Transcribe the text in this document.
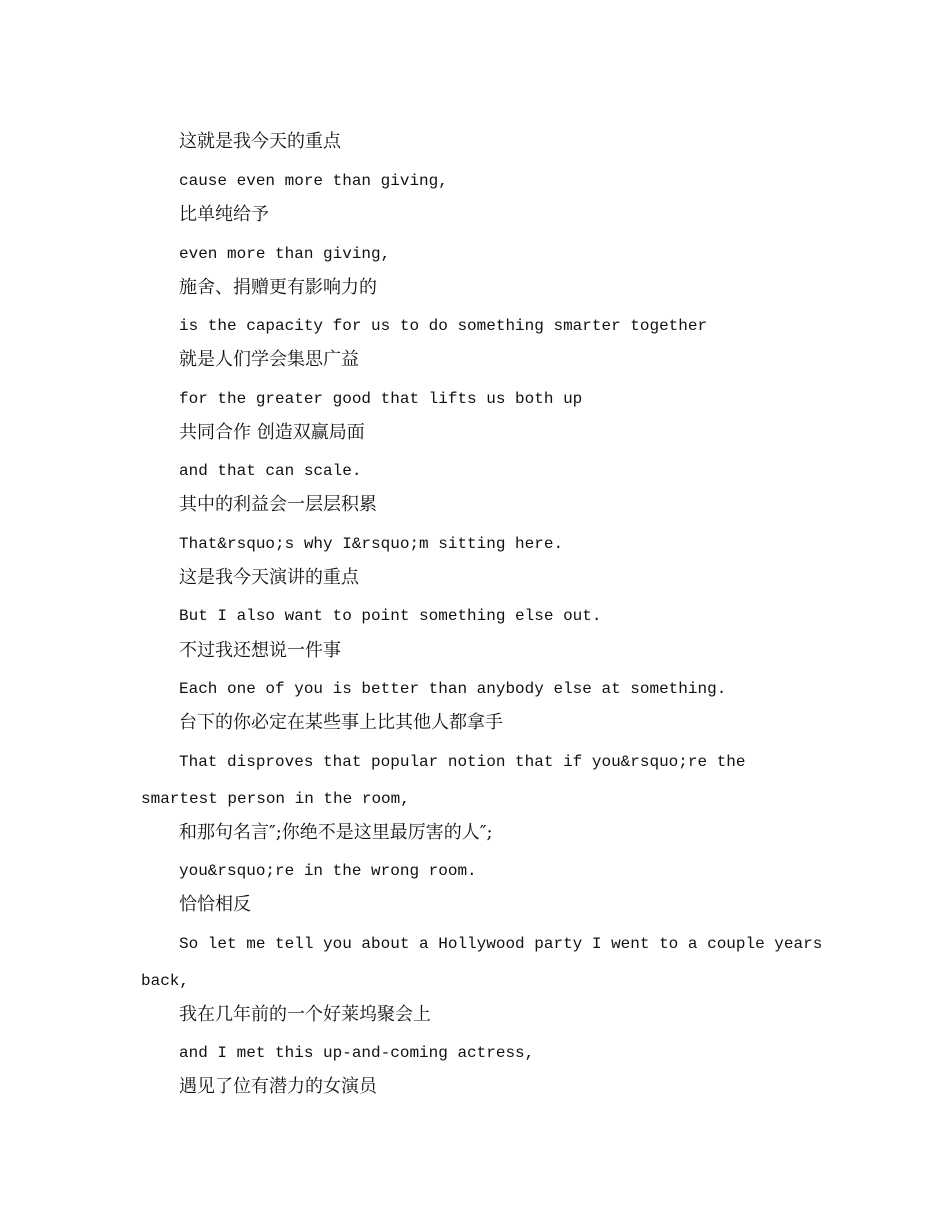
这就是我今天的重点
cause even more than giving,
比单纯给予
even more than giving,
施舍、捐赠更有影响力的
is the capacity for us to do something smarter together
就是人们学会集思广益
for the greater good that lifts us both up
共同合作 创造双赢局面
and that can scale.
其中的利益会一层层积累
That&rsquo;s why I&rsquo;m sitting here.
这是我今天演讲的重点
But I also want to point something else out.
不过我还想说一件事
Each one of you is better than anybody else at something.
台下的你必定在某些事上比其他人都拿手
That disproves that popular notion that if you&rsquo;re the
smartest person in the room,
和那句名言″;你绝不是这里最厉害的人″;
you&rsquo;re in the wrong room.
恰恰相反
So let me tell you about a Hollywood party I went to a couple years
back,
我在几年前的一个好莱坞聚会上
and I met this up-and-coming actress,
遇见了位有潜力的女演员
